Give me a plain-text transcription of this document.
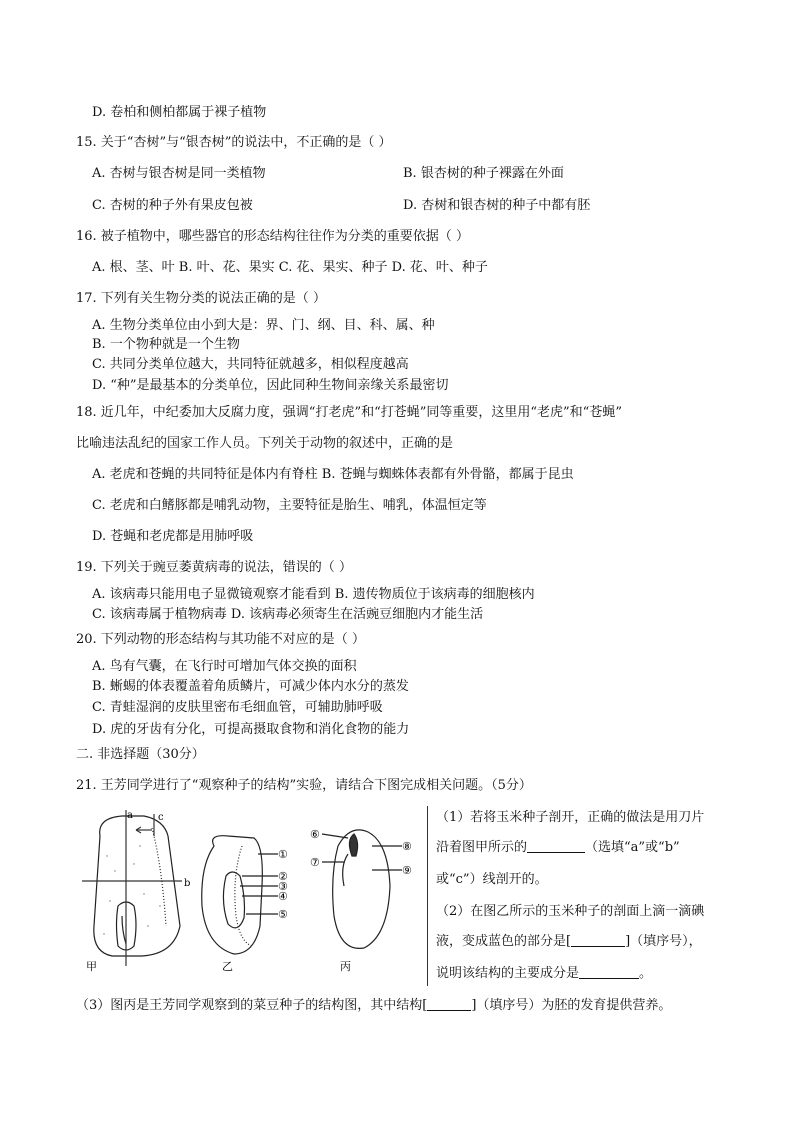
D. 卷柏和侧柏都属于裸子植物
15. 关于“杏树”与“银杏树”的说法中，不正确的是（ ）
A. 杏树与银杏树是同一类植物	B. 银杏树的种子裸露在外面
C. 杏树的种子外有果皮包被	D. 杏树和银杏树的种子中都有胚
16. 被子植物中，哪些器官的形态结构往往作为分类的重要依据（ ）
A. 根、茎、叶 B. 叶、花、果实 C. 花、果实、种子 D. 花、叶、种子
17. 下列有关生物分类的说法正确的是（ ）
A. 生物分类单位由小到大是：界、门、纲、目、科、属、种
B. 一个物种就是一个生物
C. 共同分类单位越大，共同特征就越多，相似程度越高
D. “种”是最基本的分类单位，因此同种生物间亲缘关系最密切
18. 近几年，中纪委加大反腐力度，强调“打老虎”和“打苍蝇”同等重要，这里用“老虎”和“苍蝇”
比喻违法乱纪的国家工作人员。下列关于动物的叙述中，正确的是
A. 老虎和苍蝇的共同特征是体内有脊柱 B. 苍蝇与蜘蛛体表都有外骨骼，都属于昆虫
C. 老虎和白鳍豚都是哺乳动物，主要特征是胎生、哺乳，体温恒定等
D. 苍蝇和老虎都是用肺呼吸
19. 下列关于豌豆萎黄病毒的说法，错误的（ ）
A. 该病毒只能用电子显微镜观察才能看到 B. 遗传物质位于该病毒的细胞核内
C. 该病毒属于植物病毒 D. 该病毒必须寄生在活豌豆细胞内才能生活
20. 下列动物的形态结构与其功能不对应的是（ ）
A. 鸟有气囊，在飞行时可增加气体交换的面积
B. 蜥蜴的体表覆盖着角质鳞片，可减少体内水分的蒸发
C. 青蛙湿润的皮肤里密布毛细血管，可辅助肺呼吸
D. 虎的牙齿有分化，可提高摄取食物和消化食物的能力
二. 非选择题（30分）
21. 王芳同学进行了“观察种子的结构”实验，请结合下图完成相关问题。（5分）
a	c
b
①
②
③
④
⑤
⑥
⑦
⑧
⑨
甲	乙	丙
（1）若将玉米种子剖开，正确的做法是用刀片
沿着图甲所示的	（选填“a”或“b”
或“c”）线剖开的。
（2）在图乙所示的玉米种子的剖面上滴一滴碘
液，变成蓝色的部分是[	]（填序号），
说明该结构的主要成分是	。
（3）图丙是王芳同学观察到的菜豆种子的结构图，其中结构[	]（填序号）为胚的发育提供营养。
